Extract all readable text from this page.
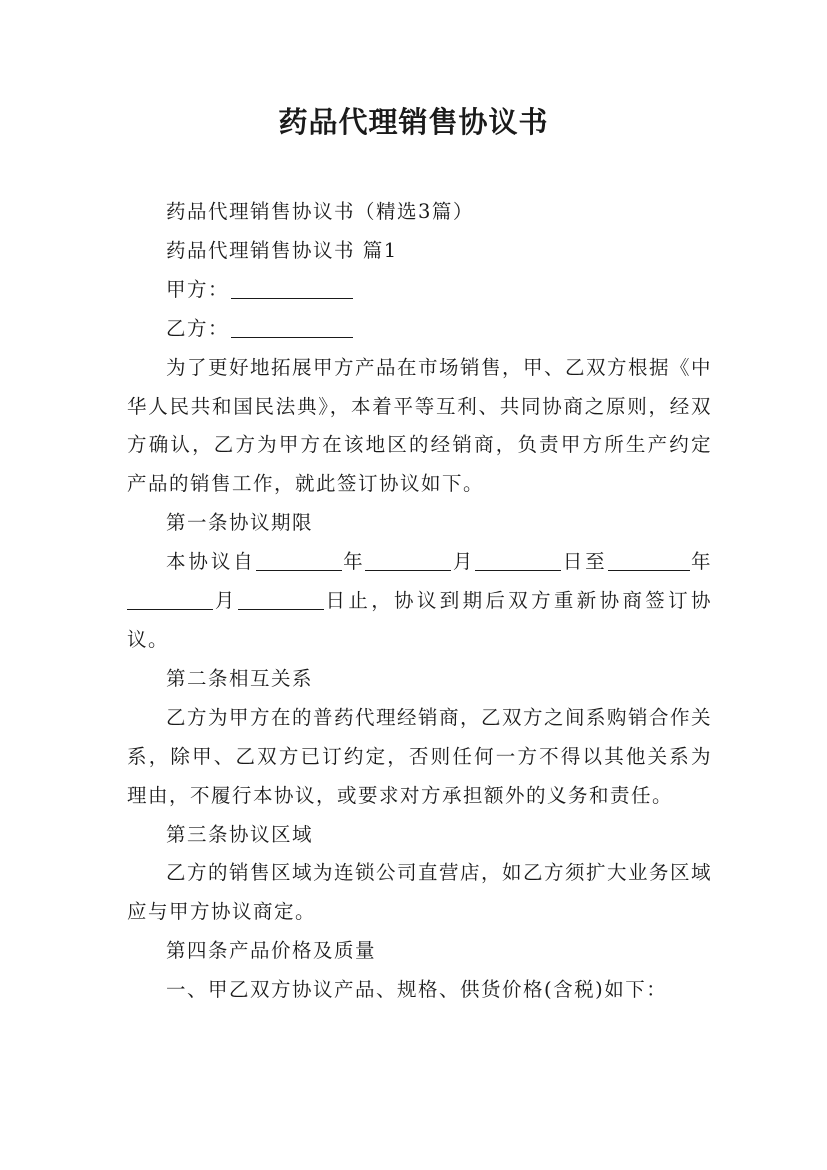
药品代理销售协议书

药品代理销售协议书（精选3篇）

药品代理销售协议书 篇1

甲方：

乙方：

为了更好地拓展甲方产品在市场销售，甲、乙双方根据《中华人民共和国民法典》，本着平等互利、共同协商之原则，经双方确认，乙方为甲方在该地区的经销商，负责甲方所生产约定产品的销售工作，就此签订协议如下。

第一条协议期限

本协议自	年	月	日至	年月	日止，协议到期后双方重新协商签订协议。

第二条相互关系

乙方为甲方在的普药代理经销商，乙双方之间系购销合作关系，除甲、乙双方已订约定，否则任何一方不得以其他关系为理由，不履行本协议，或要求对方承担额外的义务和责任。

第三条协议区域

乙方的销售区域为连锁公司直营店，如乙方须扩大业务区域应与甲方协议商定。

第四条产品价格及质量

一、甲乙双方协议产品、规格、供货价格(含税)如下：
